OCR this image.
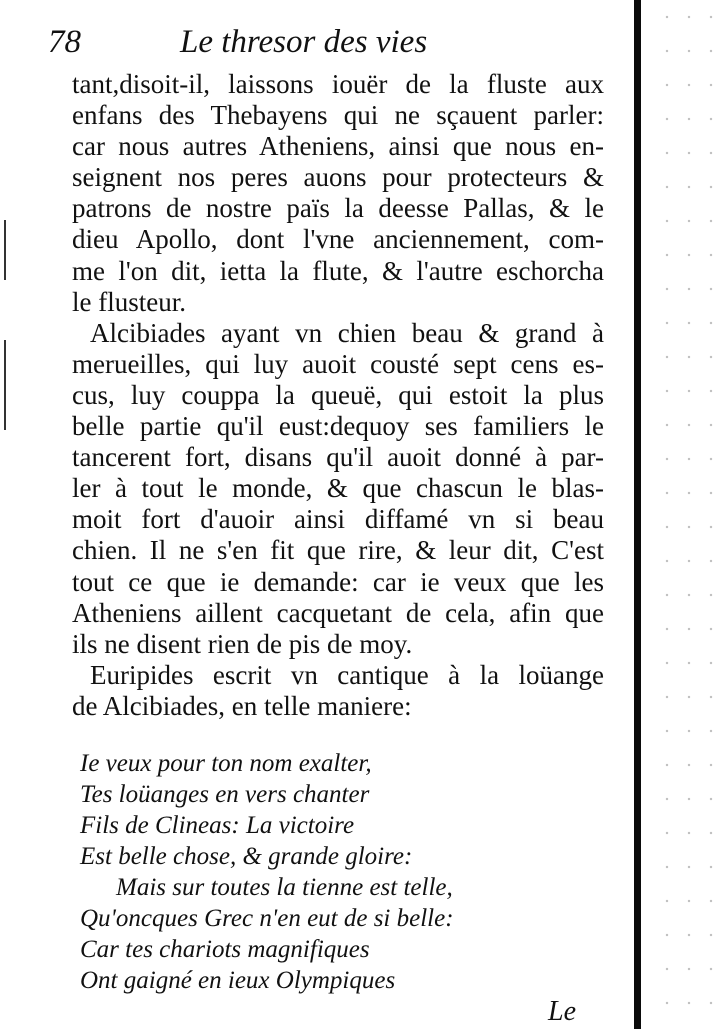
78	Le thresor des vies
tant,disoit-il, laissons iouër de la fluste aux
enfans des Thebayens qui ne sçauent parler:
car nous autres Atheniens, ainsi que nous en-
seignent nos peres auons pour protecteurs &
patrons de nostre païs la deesse Pallas, & le
dieu Apollo, dont l'vne anciennement, com-
me l'on dit, ietta la flute, & l'autre eschorcha
le flusteur.
Alcibiades ayant vn chien beau & grand à
merueilles, qui luy auoit cousté sept cens es-
cus, luy couppa la queuë, qui estoit la plus
belle partie qu'il eust:dequoy ses familiers le
tancerent fort, disans qu'il auoit donné à par-
ler à tout le monde, & que chascun le blas-
moit fort d'auoir ainsi diffamé vn si beau
chien. Il ne s'en fit que rire, & leur dit, C'est
tout ce que ie demande: car ie veux que les
Atheniens aillent cacquetant de cela, afin que
ils ne disent rien de pis de moy.
Euripides escrit vn cantique à la loüange
de Alcibiades, en telle maniere:
Ie veux pour ton nom exalter,
Tes loüanges en vers chanter
Fils de Clineas: La victoire
Est belle chose, & grande gloire:
Mais sur toutes la tienne est telle,
Qu'oncques Grec n'en eut de si belle:
Car tes chariots magnifiques
Ont gaigné en ieux Olympiques
Le
